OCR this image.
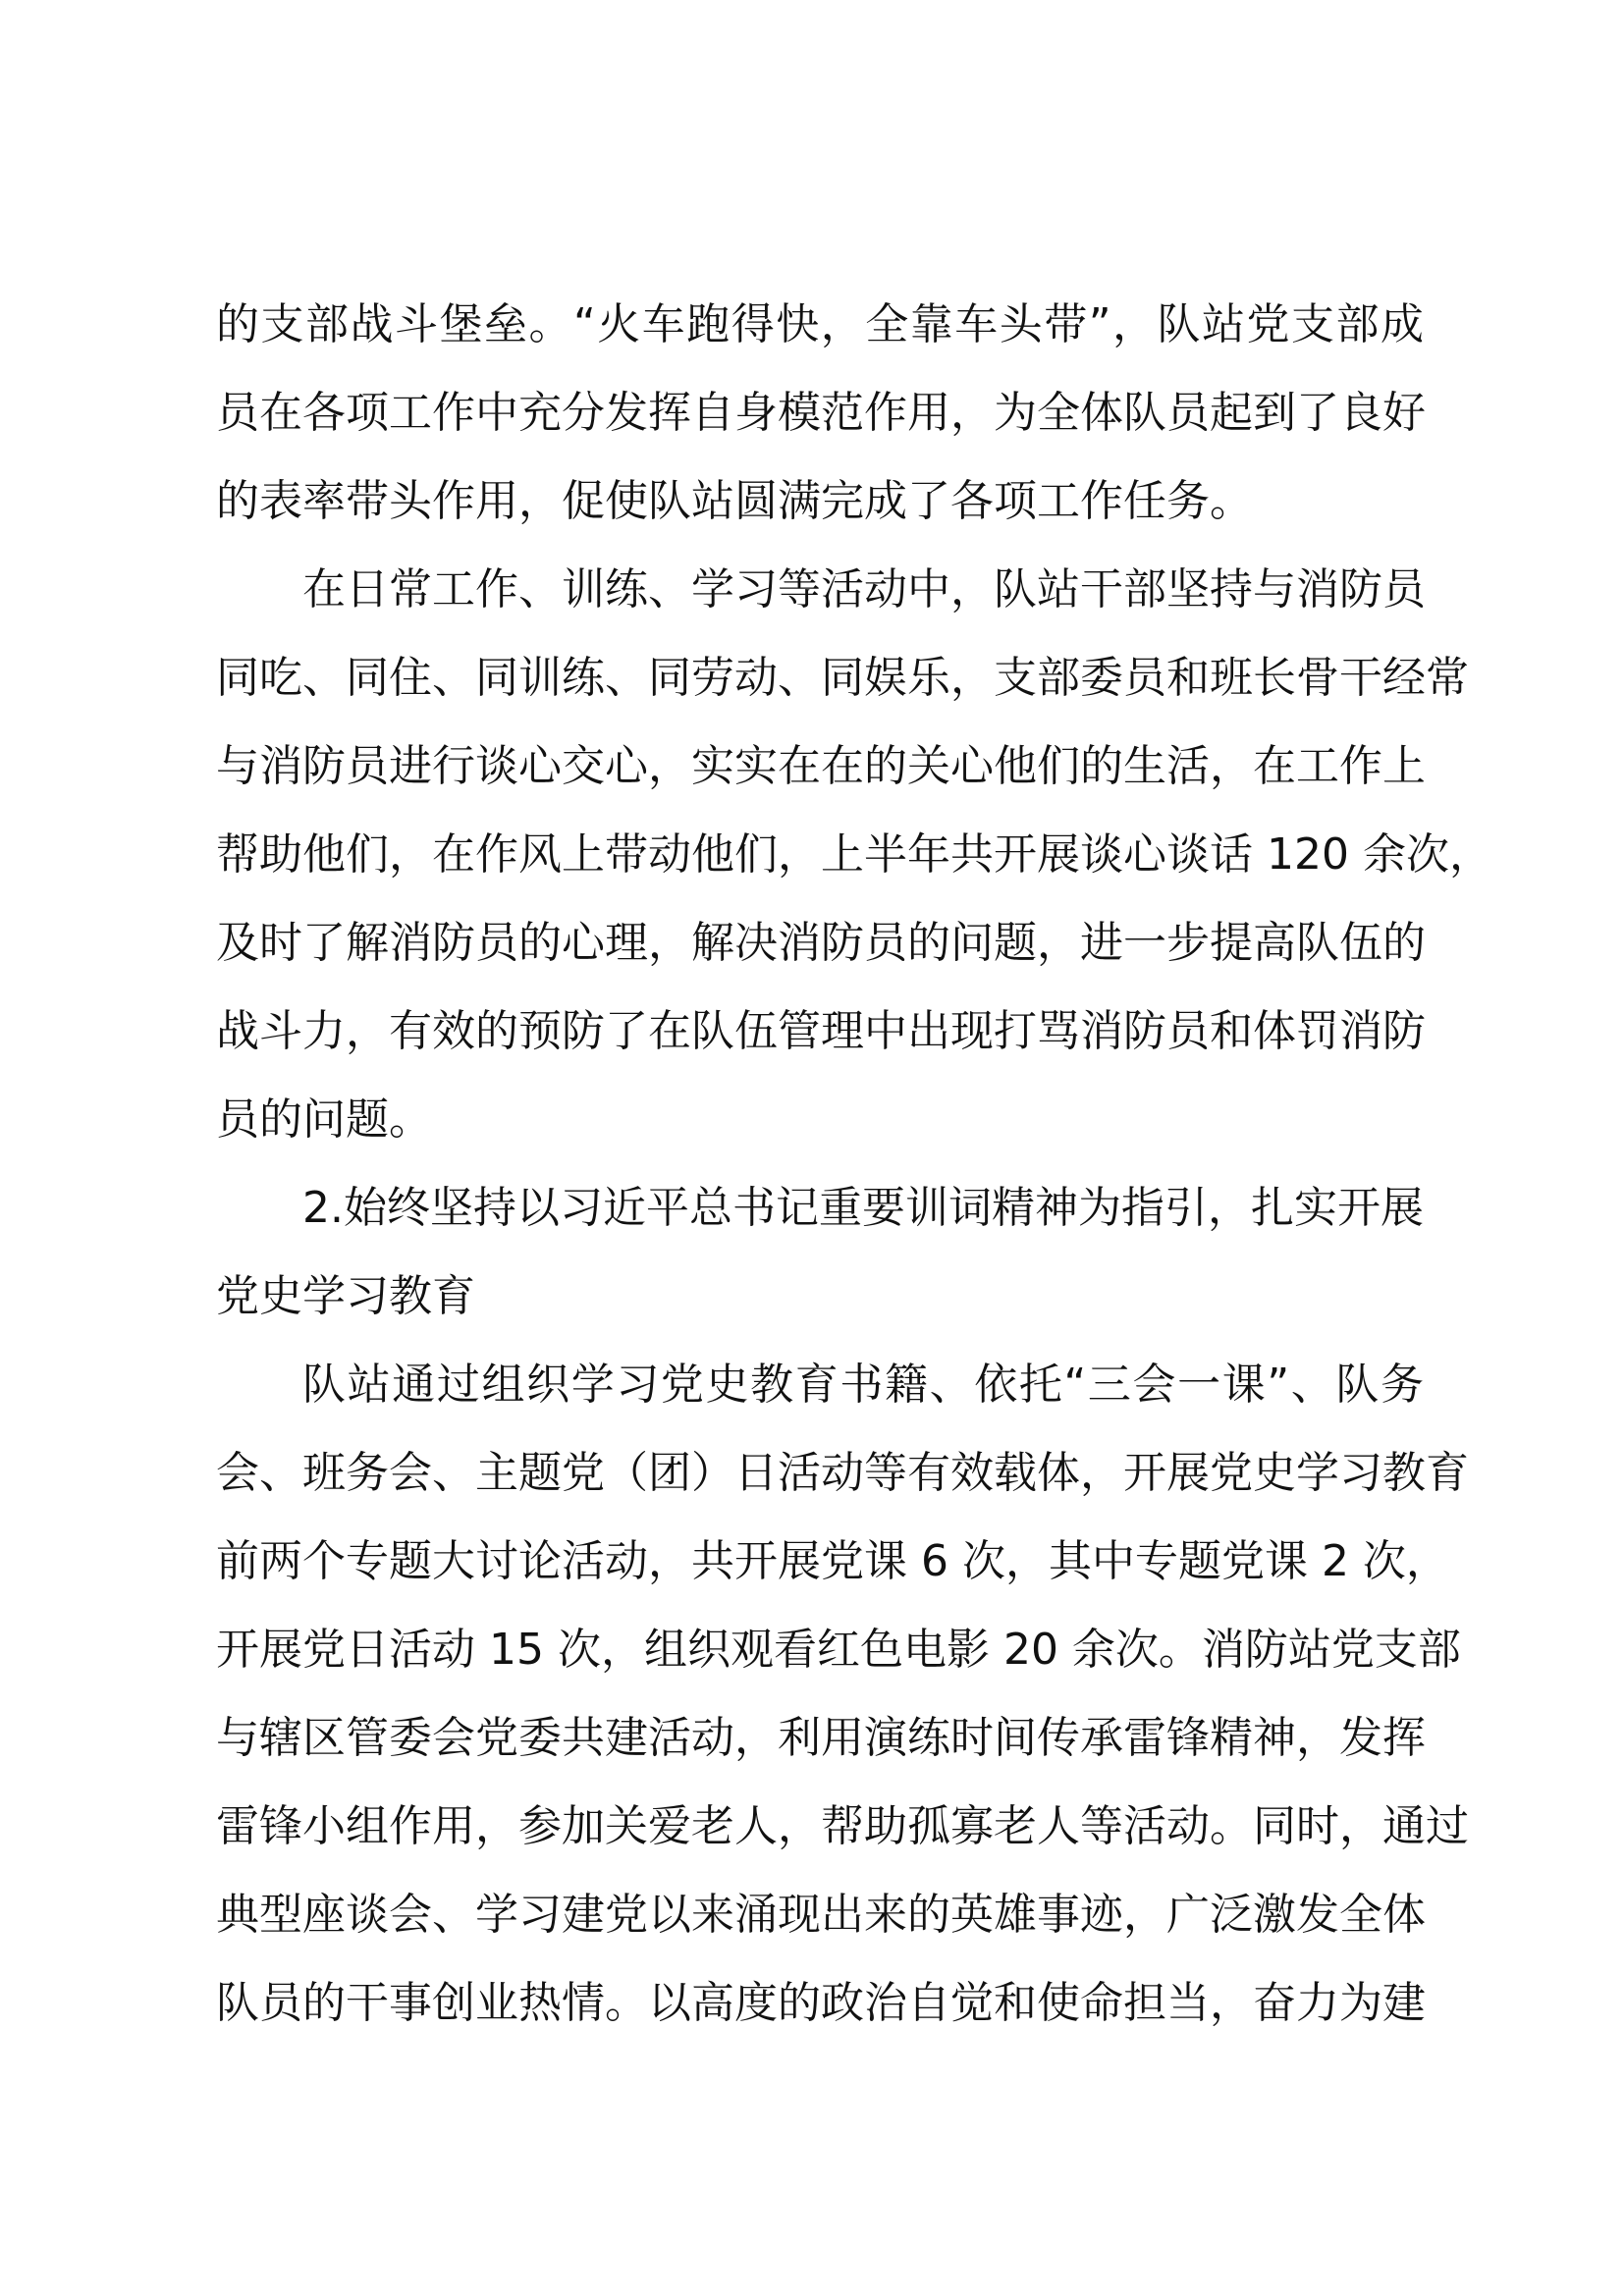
的支部战斗堡垒。“火车跑得快，全靠车头带”，队站党支部成
员在各项工作中充分发挥自身模范作用，为全体队员起到了良好
的表率带头作用，促使队站圆满完成了各项工作任务。
在日常工作、训练、学习等活动中，队站干部坚持与消防员
同吃、同住、同训练、同劳动、同娱乐，支部委员和班长骨干经常
与消防员进行谈心交心，实实在在的关心他们的生活，在工作上
帮助他们，在作风上带动他们，上半年共开展谈心谈话 120 余次，
及时了解消防员的心理，解决消防员的问题，进一步提高队伍的
战斗力，有效的预防了在队伍管理中出现打骂消防员和体罚消防
员的问题。
2.始终坚持以习近平总书记重要训词精神为指引，扎实开展
党史学习教育
队站通过组织学习党史教育书籍、依托“三会一课”、队务
会、班务会、主题党（团）日活动等有效载体，开展党史学习教育
前两个专题大讨论活动，共开展党课 6 次，其中专题党课 2 次，
开展党日活动 15 次，组织观看红色电影 20 余次。消防站党支部
与辖区管委会党委共建活动，利用演练时间传承雷锋精神，发挥
雷锋小组作用，参加关爱老人，帮助孤寡老人等活动。同时，通过
典型座谈会、学习建党以来涌现出来的英雄事迹，广泛激发全体
队员的干事创业热情。以高度的政治自觉和使命担当，奋力为建
